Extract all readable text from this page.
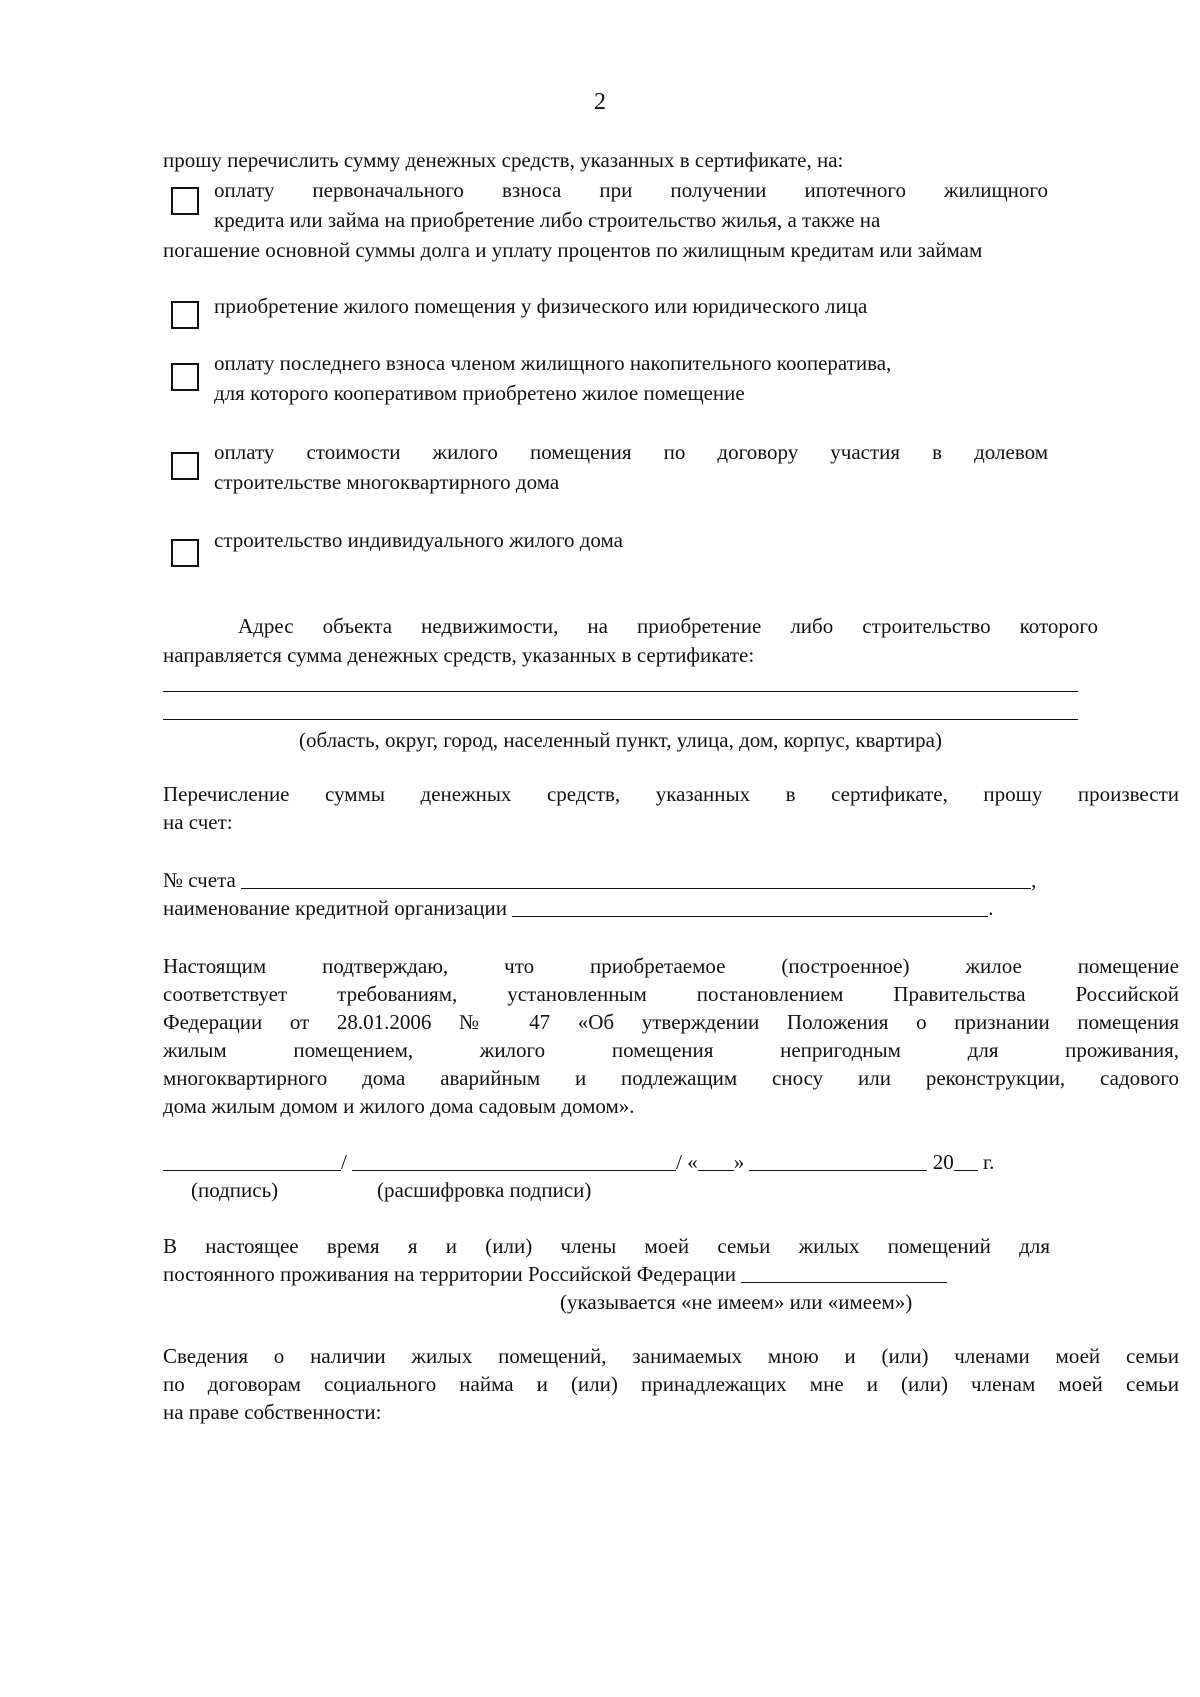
2
прошу перечислить сумму денежных средств, указанных в сертификате, на:
оплату первоначального взноса при получении ипотечного жилищного
кредита или займа на приобретение либо строительство жилья, а также на
погашение основной суммы долга и уплату процентов по жилищным кредитам или займам
приобретение жилого помещения у физического или юридического лица
оплату последнего взноса членом жилищного накопительного кооператива,
для которого кооперативом приобретено жилое помещение
оплату стоимости жилого помещения по договору участия в долевом
строительстве многоквартирного дома
строительство индивидуального жилого дома
Адрес объекта недвижимости, на приобретение либо строительство которого
направляется сумма денежных средств, указанных в сертификате:
(область, округ, город, населенный пункт, улица, дом, корпус, квартира)
Перечисление суммы денежных средств, указанных в сертификате, прошу произвести
на счет:
№ счета	,
наименование кредитной организации	.
Настоящим подтверждаю, что приобретаемое (построенное) жилое помещение
соответствует требованиям, установленным постановлением Правительства Российской
Федерации от 28.01.2006 № 47 «Об утверждении Положения о признании помещения
жилым помещением, жилого помещения непригодным для проживания,
многоквартирного дома аварийным и подлежащим сносу или реконструкции, садового
дома жилым домом и жилого дома садовым домом».
/	/ « »	20 г.
(подпись)	(расшифровка подписи)
В настоящее время я и (или) члены моей семьи жилых помещений для
постоянного проживания на территории Российской Федерации
(указывается «не имеем» или «имеем»)
Сведения о наличии жилых помещений, занимаемых мною и (или) членами моей семьи
по договорам социального найма и (или) принадлежащих мне и (или) членам моей семьи
на праве собственности:
